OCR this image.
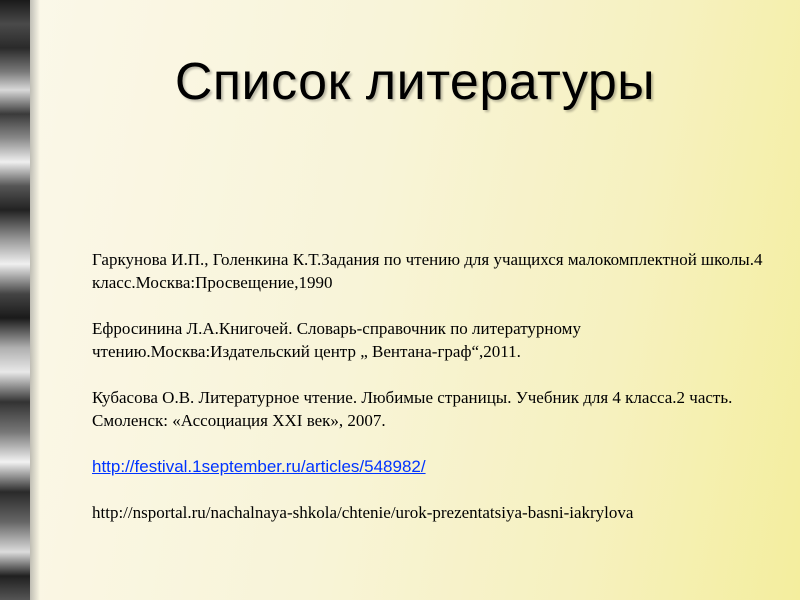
Список литературы
Гаркунова И.П., Голенкина К.Т.Задания по чтению для учащихся малокомплектной школы.4 класс.Москва:Просвещение,1990
Ефросинина Л.А.Книгочей. Словарь-справочник по литературному чтению.Москва:Издательский центр „ Вентана-граф“,2011.
Кубасова О.В. Литературное чтение. Любимые страницы. Учебник для 4 класса.2 часть. Смоленск: «Ассоциация XXI век», 2007.
http://festival.1september.ru/articles/548982/
http://nsportal.ru/nachalnaya-shkola/chtenie/urok-prezentatsiya-basni-iakrylova
